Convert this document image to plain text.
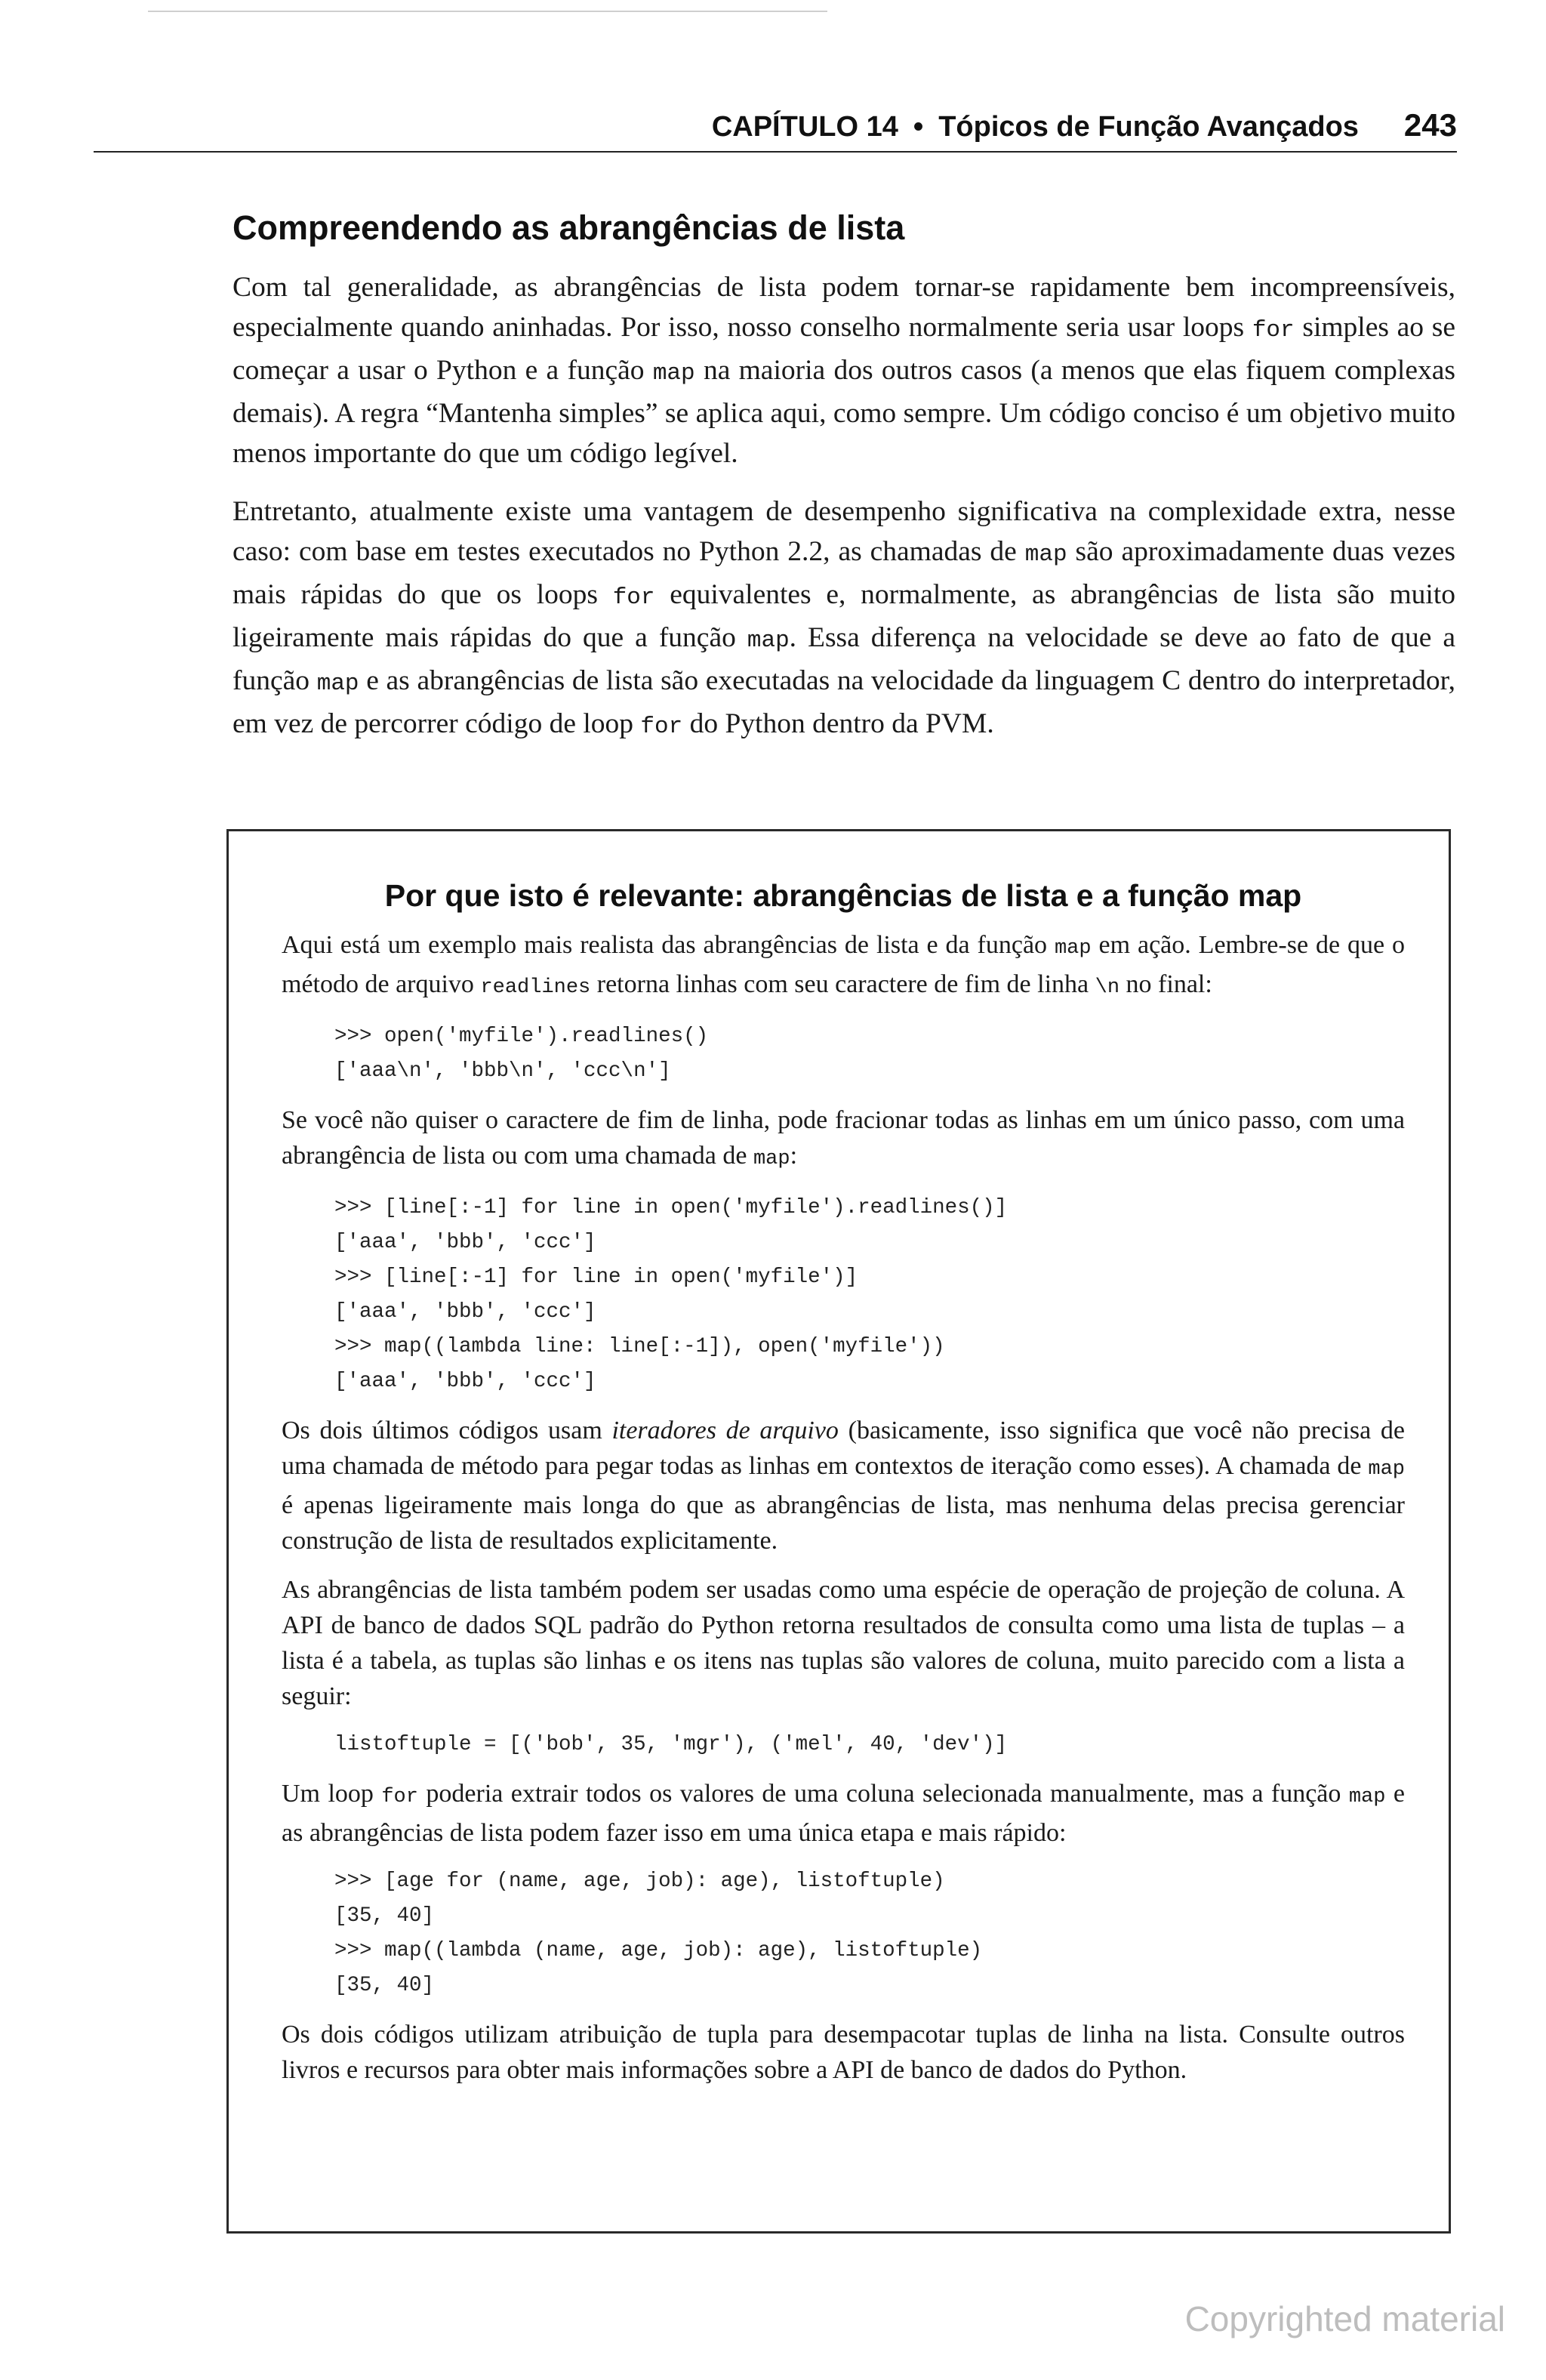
CAPÍTULO 14 • Tópicos de Função Avançados 243
Compreendendo as abrangências de lista

Com tal generalidade, as abrangências de lista podem tornar-se rapidamente bem incompreensíveis, especialmente quando aninhadas. Por isso, nosso conselho normalmente seria usar loops for simples ao se começar a usar o Python e a função map na maioria dos outros casos (a menos que elas fiquem complexas demais). A regra “Mantenha simples” se aplica aqui, como sempre. Um código conciso é um objetivo muito menos importante do que um código legível.

Entretanto, atualmente existe uma vantagem de desempenho significativa na complexidade extra, nesse caso: com base em testes executados no Python 2.2, as chamadas de map são aproximadamente duas vezes mais rápidas do que os loops for equivalentes e, normalmente, as abrangências de lista são muito ligeiramente mais rápidas do que a função map. Essa diferença na velocidade se deve ao fato de que a função map e as abrangências de lista são executadas na velocidade da linguagem C dentro do interpretador, em vez de percorrer código de loop for do Python dentro da PVM.

Por que isto é relevante: abrangências de lista e a função map

Aqui está um exemplo mais realista das abrangências de lista e da função map em ação. Lembre-se de que o método de arquivo readlines retorna linhas com seu caractere de fim de linha \n no final:

>>> open('myfile').readlines()
['aaa\n', 'bbb\n', 'ccc\n']

Se você não quiser o caractere de fim de linha, pode fracionar todas as linhas em um único passo, com uma abrangência de lista ou com uma chamada de map:

>>> [line[:-1] for line in open('myfile').readlines()]
['aaa', 'bbb', 'ccc']
>>> [line[:-1] for line in open('myfile')]
['aaa', 'bbb', 'ccc']
>>> map((lambda line: line[:-1]), open('myfile'))
['aaa', 'bbb', 'ccc']

Os dois últimos códigos usam iteradores de arquivo (basicamente, isso significa que você não precisa de uma chamada de método para pegar todas as linhas em contextos de iteração como esses). A chamada de map é apenas ligeiramente mais longa do que as abrangências de lista, mas nenhuma delas precisa gerenciar construção de lista de resultados explicitamente.

As abrangências de lista também podem ser usadas como uma espécie de operação de projeção de coluna. A API de banco de dados SQL padrão do Python retorna resultados de consulta como uma lista de tuplas – a lista é a tabela, as tuplas são linhas e os itens nas tuplas são valores de coluna, muito parecido com a lista a seguir:

listoftuple = [('bob', 35, 'mgr'), ('mel', 40, 'dev')]

Um loop for poderia extrair todos os valores de uma coluna selecionada manualmente, mas a função map e as abrangências de lista podem fazer isso em uma única etapa e mais rápido:

>>> [age for (name, age, job): age), listoftuple)
[35, 40]
>>> map((lambda (name, age, job): age), listoftuple)
[35, 40]

Os dois códigos utilizam atribuição de tupla para desempacotar tuplas de linha na lista. Consulte outros livros e recursos para obter mais informações sobre a API de banco de dados do Python.

Copyrighted material
